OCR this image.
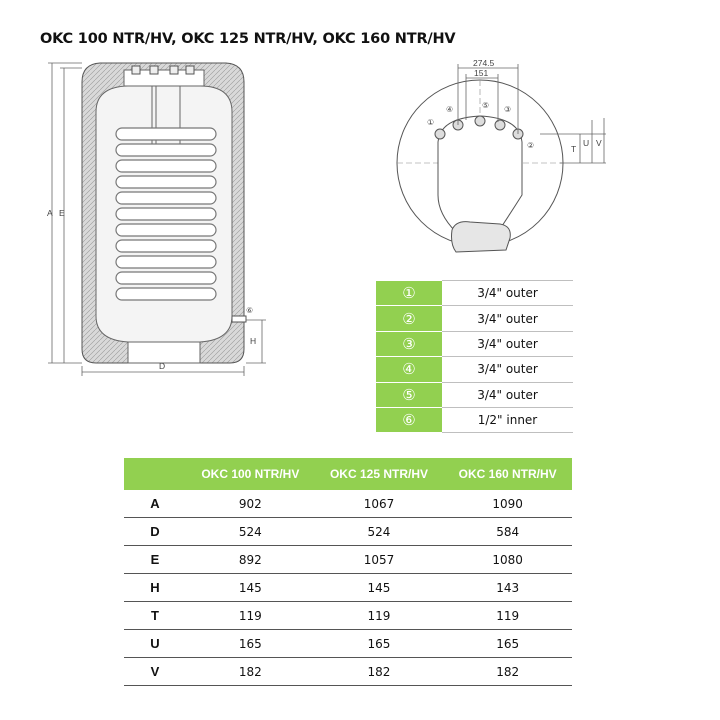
OKC 100 NTR/HV, OKC 125 NTR/HV, OKC 160 NTR/HV
A E
D
H
⑥
274.5
151
T
U V
①
②
③
④	⑤
①	3/4" outer
②	3/4" outer
③	3/4" outer
④	3/4" outer
⑤	3/4" outer
⑥	1/2" inner
	OKC 100 NTR/HV	OKC 125 NTR/HV	OKC 160 NTR/HV
A	902	1067	1090
D	524	524	584
E	892	1057	1080
H	145	145	143
T	119	119	119
U	165	165	165
V	182	182	182
